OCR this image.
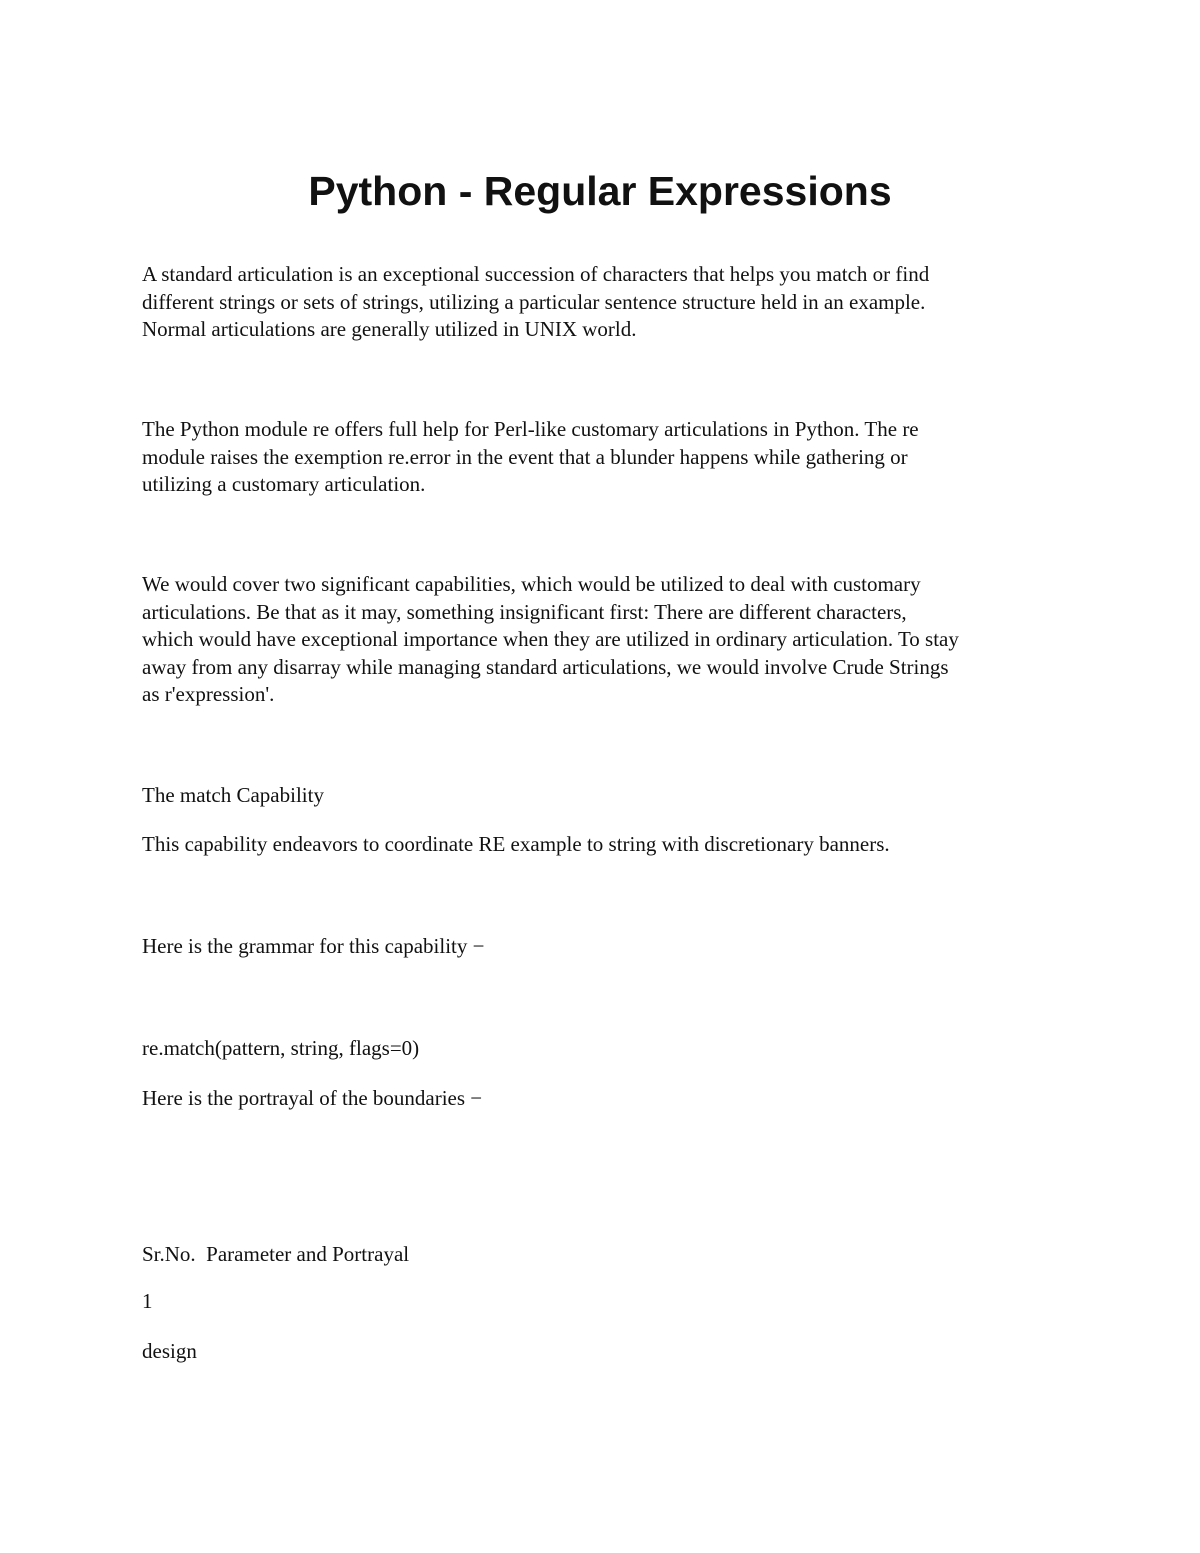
Python - Regular Expressions

A standard articulation is an exceptional succession of characters that helps you match or find
different strings or sets of strings, utilizing a particular sentence structure held in an example.
Normal articulations are generally utilized in UNIX world.

The Python module re offers full help for Perl-like customary articulations in Python. The re
module raises the exemption re.error in the event that a blunder happens while gathering or
utilizing a customary articulation.

We would cover two significant capabilities, which would be utilized to deal with customary
articulations. Be that as it may, something insignificant first: There are different characters,
which would have exceptional importance when they are utilized in ordinary articulation. To stay
away from any disarray while managing standard articulations, we would involve Crude Strings
as r'expression'.

The match Capability

This capability endeavors to coordinate RE example to string with discretionary banners.

Here is the grammar for this capability −

re.match(pattern, string, flags=0)

Here is the portrayal of the boundaries −

Sr.No.  Parameter and Portrayal

1

design
